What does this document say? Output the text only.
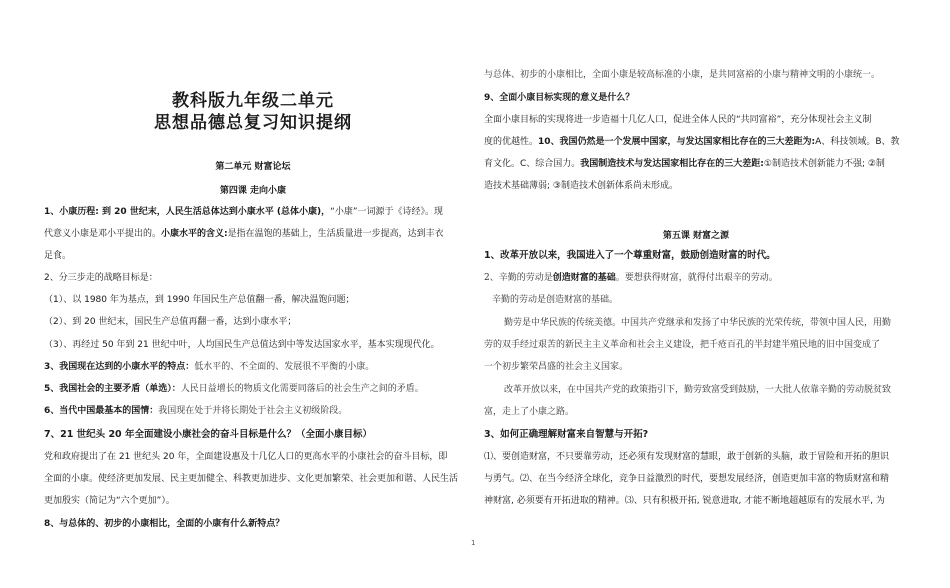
教科版九年级二单元
思想品德总复习知识提纲
第二单元 财富论坛
第四课 走向小康
1、小康历程: 到 20 世纪末，人民生活总体达到小康水平 (总体小康)，“小康”一词源于《诗经》。现
代意义小康是邓小平提出的。小康水平的含义:是指在温饱的基础上，生活质量进一步提高，达到丰衣
足食。
2、分三步走的战略目标是：
（1）、以 1980 年为基点，到 1990 年国民生产总值翻一番，解决温饱问题；
（2）、到 20 世纪末，国民生产总值再翻一番，达到小康水平；
（3）、再经过 50 年到 21 世纪中叶，人均国民生产总值达到中等发达国家水平，基本实现现代化。
3、我国现在达到的小康水平的特点：低水平的、不全面的、发展很不平衡的小康。
5、我国社会的主要矛盾（单选）：人民日益增长的物质文化需要同落后的社会生产之间的矛盾。
6、当代中国最基本的国情：我国现在处于并将长期处于社会主义初级阶段。
7、21 世纪头 20 年全面建设小康社会的奋斗目标是什么？（全面小康目标）
党和政府提出了在 21 世纪头 20 年，全面建设惠及十几亿人口的更高水平的小康社会的奋斗目标，即
全面的小康。使经济更加发展、民主更加健全、科教更加进步、文化更加繁荣、社会更加和谐、人民生活
更加殷实（简记为“六个更加”）。
8、与总体的、初步的小康相比，全面的小康有什么新特点？
与总体、初步的小康相比，全面小康是较高标准的小康，是共同富裕的小康与精神文明的小康统一。
9、全面小康目标实现的意义是什么？
全面小康目标的实现将进一步造福十几亿人口，促进全体人民的“共同富裕”，充分体现社会主义制
度的优越性。10、我国仍然是一个发展中国家，与发达国家相比存在的三大差距为:A、科技领域。B、教
育文化。C、综合国力。我国制造技术与发达国家相比存在的三大差距:①制造技术创新能力不强; ②制
造技术基础薄弱; ③制造技术创新体系尚未形成。
第五课 财富之源
1、改革开放以来，我国进入了一个尊重财富，鼓励创造财富的时代。
2、辛勤的劳动是创造财富的基础。要想获得财富，就得付出艰辛的劳动。
辛勤的劳动是创造财富的基础。
勤劳是中华民族的传统美德。中国共产党继承和发扬了中华民族的光荣传统，带领中国人民，用勤
劳的双手经过艰苦的新民主主义革命和社会主义建设，把千疮百孔的半封建半殖民地的旧中国变成了
一个初步繁荣昌盛的社会主义国家。
改革开放以来，在中国共产党的政策指引下，勤劳致富受到鼓励，一大批人依靠辛勤的劳动脱贫致
富，走上了小康之路。
3、如何正确理解财富来自智慧与开拓?
⑴、要创造财富，不只要靠劳动，还必须有发现财富的慧眼，敢于创新的头脑，敢于冒险和开拓的胆识
与勇气。⑵、在当今经济全球化，竞争日益激烈的时代，要想发展经济，创造更加丰富的物质财富和精
神财富, 必须要有开拓进取的精神。⑶、只有积极开拓, 锐意进取, 才能不断地超越原有的发展水平, 为
1
